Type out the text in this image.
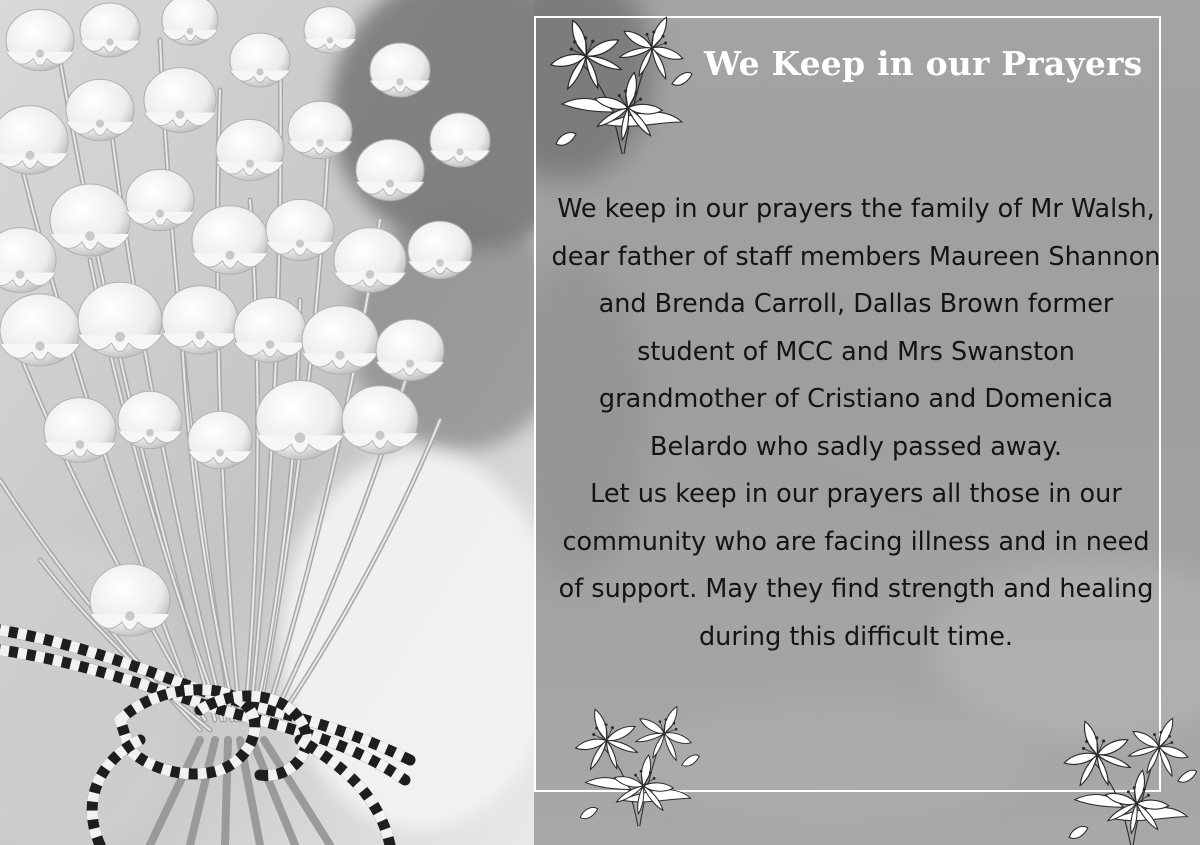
We Keep in our Prayers

We keep in our prayers the family of Mr Walsh, dear father of staff members Maureen Shannon and Brenda Carroll, Dallas Brown former student of MCC and Mrs Swanston grandmother of Cristiano and Domenica Belardo who sadly passed away.

Let us keep in our prayers all those in our community who are facing illness and in need of support. May they find strength and healing during this difficult time.
